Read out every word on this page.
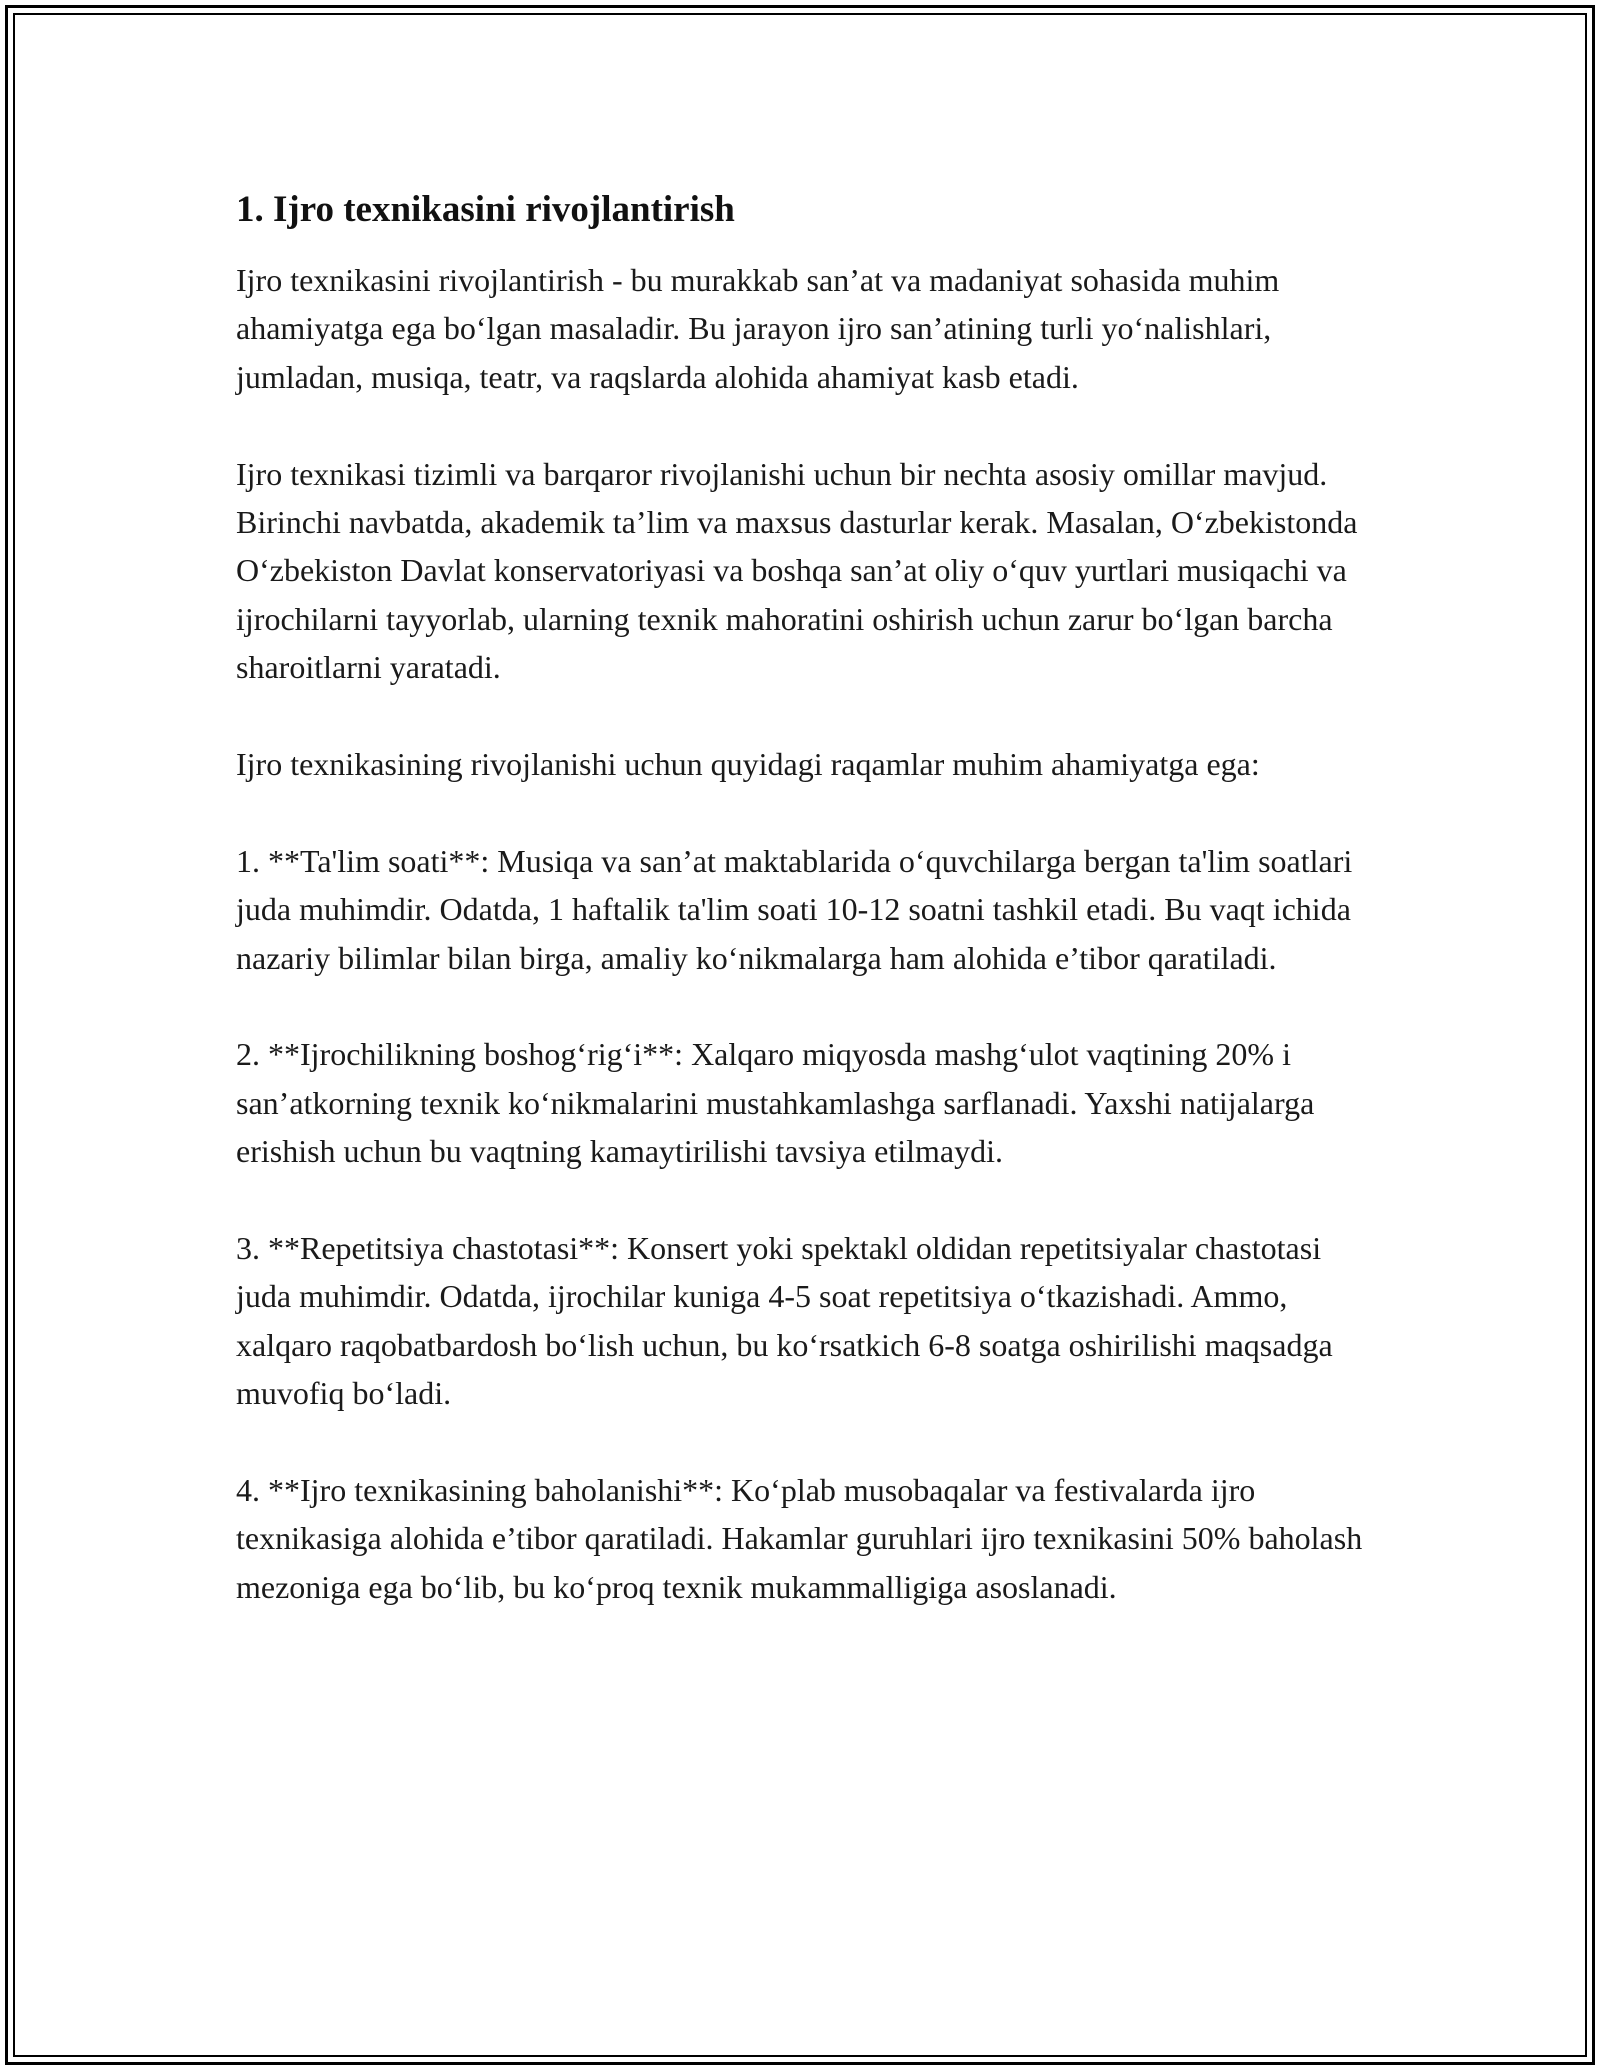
1. Ijro texnikasini rivojlantirish

Ijro texnikasini rivojlantirish - bu murakkab san’at va madaniyat sohasida muhim ahamiyatga ega bo‘lgan masaladir. Bu jarayon ijro san’atining turli yo‘nalishlari, jumladan, musiqa, teatr, va raqslarda alohida ahamiyat kasb etadi.

Ijro texnikasi tizimli va barqaror rivojlanishi uchun bir nechta asosiy omillar mavjud. Birinchi navbatda, akademik ta’lim va maxsus dasturlar kerak. Masalan, O‘zbekistonda O‘zbekiston Davlat konservatoriyasi va boshqa san’at oliy o‘quv yurtlari musiqachi va ijrochilarni tayyorlab, ularning texnik mahoratini oshirish uchun zarur bo‘lgan barcha sharoitlarni yaratadi.

Ijro texnikasining rivojlanishi uchun quyidagi raqamlar muhim ahamiyatga ega:

1. **Ta'lim soati**: Musiqa va san’at maktablarida o‘quvchilarga bergan ta'lim soatlari juda muhimdir. Odatda, 1 haftalik ta'lim soati 10-12 soatni tashkil etadi. Bu vaqt ichida nazariy bilimlar bilan birga, amaliy ko‘nikmalarga ham alohida e’tibor qaratiladi.

2. **Ijrochilikning boshog‘rig‘i**: Xalqaro miqyosda mashg‘ulot vaqtining 20% i san’atkorning texnik ko‘nikmalarini mustahkamlashga sarflanadi. Yaxshi natijalarga erishish uchun bu vaqtning kamaytirilishi tavsiya etilmaydi.

3. **Repetitsiya chastotasi**: Konsert yoki spektakl oldidan repetitsiyalar chastotasi juda muhimdir. Odatda, ijrochilar kuniga 4-5 soat repetitsiya o‘tkazishadi. Ammo, xalqaro raqobatbardosh bo‘lish uchun, bu ko‘rsatkich 6-8 soatga oshirilishi maqsadga muvofiq bo‘ladi.

4. **Ijro texnikasining baholanishi**: Ko‘plab musobaqalar va festivalarda ijro texnikasiga alohida e’tibor qaratiladi. Hakamlar guruhlari ijro texnikasini 50% baholash mezoniga ega bo‘lib, bu ko‘proq texnik mukammalligiga asoslanadi.
